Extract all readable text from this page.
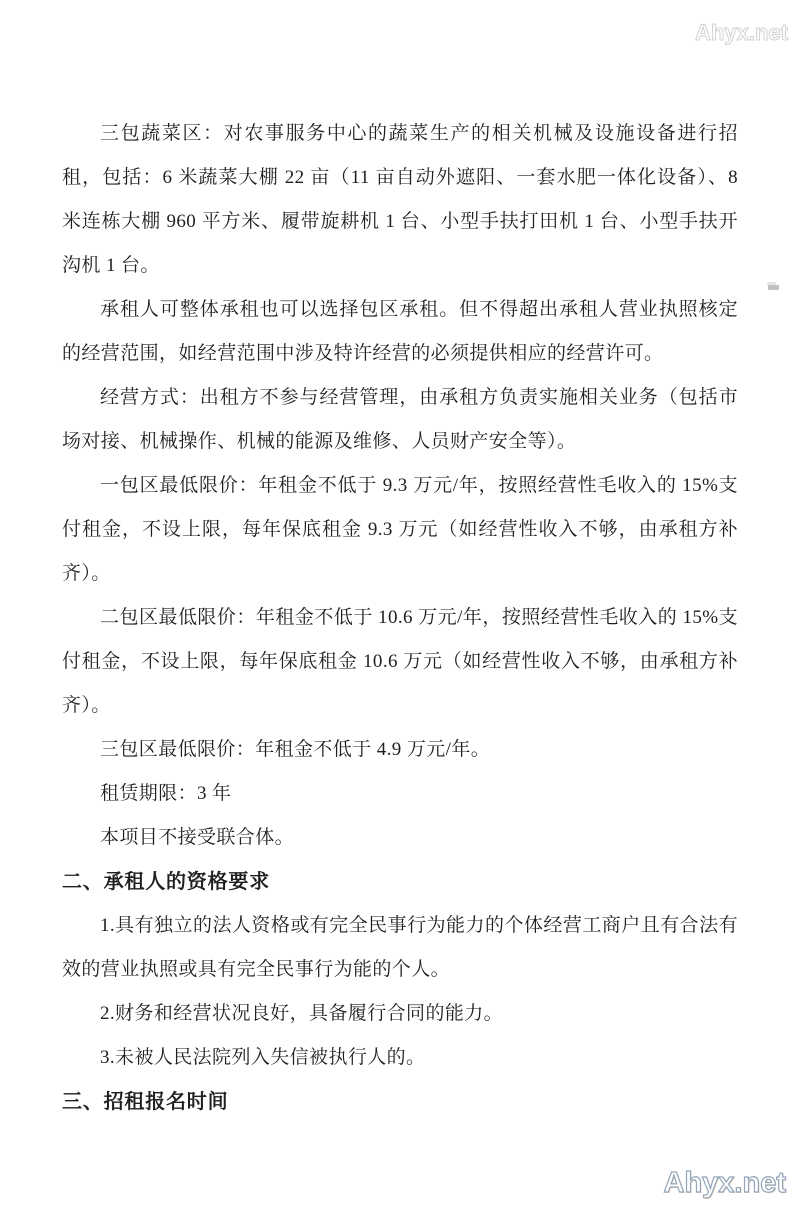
Ahyx.net

三包蔬菜区：对农事服务中心的蔬菜生产的相关机械及设施设备进行招租，包括：6 米蔬菜大棚 22 亩（11 亩自动外遮阳、一套水肥一体化设备）、8 米连栋大棚 960 平方米、履带旋耕机 1 台、小型手扶打田机 1 台、小型手扶开沟机 1 台。

承租人可整体承租也可以选择包区承租。但不得超出承租人营业执照核定的经营范围，如经营范围中涉及特许经营的必须提供相应的经营许可。

经营方式：出租方不参与经营管理，由承租方负责实施相关业务（包括市场对接、机械操作、机械的能源及维修、人员财产安全等）。

一包区最低限价：年租金不低于 9.3 万元/年，按照经营性毛收入的 15%支付租金，不设上限，每年保底租金 9.3 万元（如经营性收入不够，由承租方补齐）。

二包区最低限价：年租金不低于 10.6 万元/年，按照经营性毛收入的 15%支付租金，不设上限，每年保底租金 10.6 万元（如经营性收入不够，由承租方补齐）。

三包区最低限价：年租金不低于 4.9 万元/年。

租赁期限：3 年

本项目不接受联合体。

二、承租人的资格要求

1.具有独立的法人资格或有完全民事行为能力的个体经营工商户且有合法有效的营业执照或具有完全民事行为能的个人。

2.财务和经营状况良好，具备履行合同的能力。

3.未被人民法院列入失信被执行人的。

三、招租报名时间

Ahyx.net
